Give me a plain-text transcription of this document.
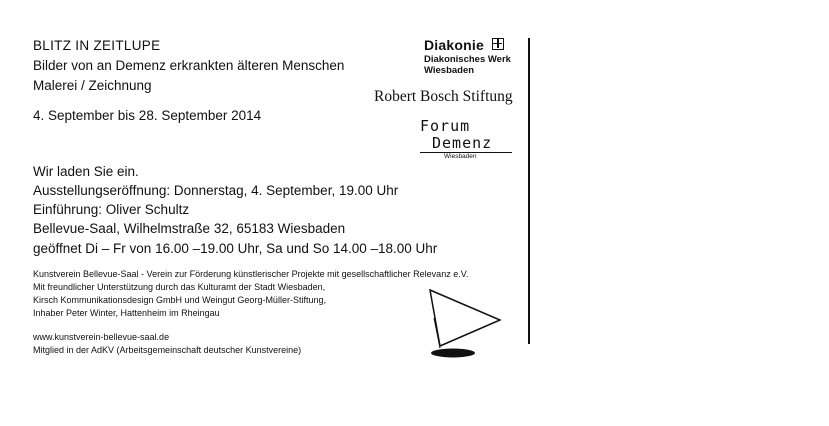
BLITZ IN ZEITLUPE
Bilder von an Demenz erkrankten älteren Menschen
Malerei / Zeichnung
4. September bis 28. September 2014
Wir laden Sie ein.
Ausstellungseröffnung: Donnerstag, 4. September, 19.00 Uhr
Einführung: Oliver Schultz
Bellevue-Saal, Wilhelmstraße 32, 65183 Wiesbaden
geöffnet Di – Fr von 16.00 –19.00 Uhr, Sa und So 14.00 –18.00 Uhr
Kunstverein Bellevue-Saal - Verein zur Förderung künstlerischer Projekte mit gesellschaftlicher Relevanz e.V.
Mit freundlicher Unterstützung durch das Kulturamt der Stadt Wiesbaden,
Kirsch Kommunikationsdesign GmbH und Weingut Georg-Müller-Stiftung,
Inhaber Peter Winter, Hattenheim im Rheingau
www.kunstverein-bellevue-saal.de
Mitglied in der AdKV (Arbeitsgemeinschaft deutscher Kunstvereine)
Diakonie
Diakonisches Werk
Wiesbaden
Robert Bosch Stiftung
Forum
Demenz
Wiesbaden
